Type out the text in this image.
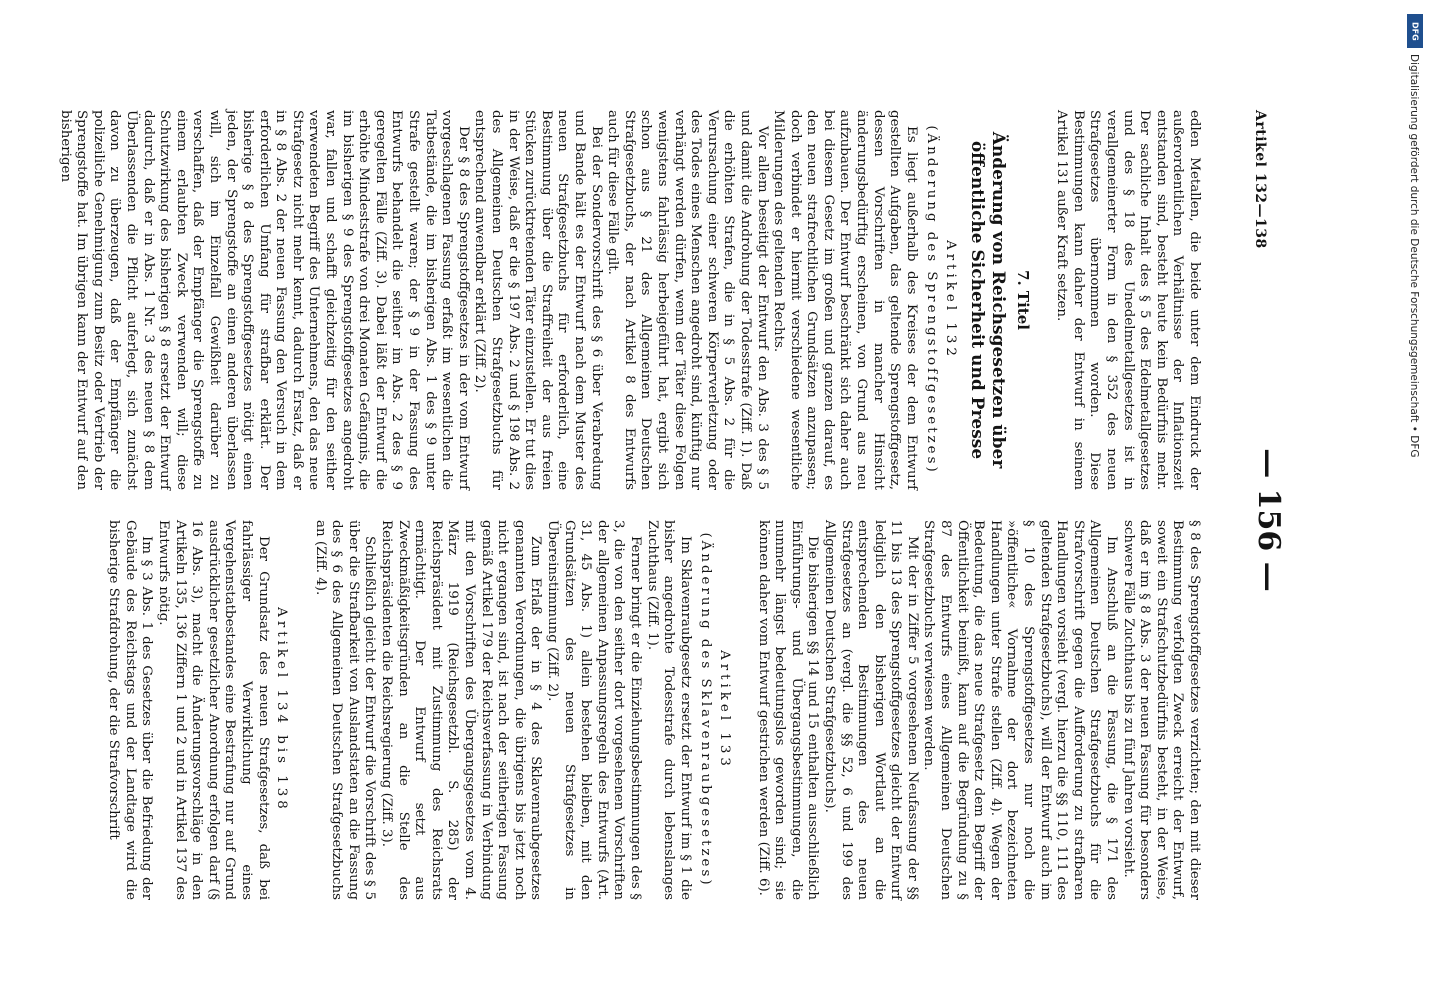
Artikel 132—138
— 156 —

edlen Metallen, die beide unter dem Eindruck der außerordentlichen Verhältnisse der Inflationszeit entstanden sind, besteht heute kein Bedürfnis mehr. Der sachliche Inhalt des § 5 des Edelmetallgesetzes und des § 18 des Unedelmetallgesetzes ist in verallgemeinerter Form in den § 352 des neuen Strafgesetzes übernommen worden. Diese Bestimmungen kann daher der Entwurf in seinem Artikel 131 außer Kraft setzen.

7. Titel
Änderung von Reichsgesetzen über öffentliche Sicherheit und Presse
Artikel 132
(Änderung des Sprengstoffgesetzes)

Es liegt außerhalb des Kreises der dem Entwurf gestellten Aufgaben, das geltende Sprengstoffgesetz, dessen Vorschriften in mancher Hinsicht änderungsbedürftig erscheinen, von Grund aus neu aufzubauen. Der Entwurf beschränkt sich daher auch bei diesem Gesetz im großen und ganzen darauf, es den neuen strafrechtlichen Grundsätzen anzupassen; doch verbindet er hiermit verschiedene wesentliche Milderungen des geltenden Rechts.

Vor allem beseitigt der Entwurf den Abs. 3 des § 5 und damit die Androhung der Todesstrafe (Ziff. 1). Daß die erhöhten Strafen, die in § 5 Abs. 2 für die Verursachung einer schweren Körperverletzung oder des Todes eines Menschen angedroht sind, künftig nur verhängt werden dürfen, wenn der Täter diese Folgen wenigstens fahrlässig herbeigeführt hat, ergibt sich schon aus § 21 des Allgemeinen Deutschen Strafgesetzbuchs, der nach Artikel 8 des Entwurfs auch für diese Fälle gilt.

Bei der Sondervorschrift des § 6 über Verabredung und Bande hält es der Entwurf nach dem Muster des neuen Strafgesetzbuchs für erforderlich, eine Bestimmung über die Straffreiheit der aus freien Stücken zurücktretenden Täter einzustellen. Er tut dies in der Weise, daß er die § 197 Abs. 2 und § 198 Abs. 2 des Allgemeinen Deutschen Strafgesetzbuchs für entsprechend anwendbar erklärt (Ziff. 2).

Der § 8 des Sprengstoffgesetzes in der vom Entwurf vorgeschlagenen Fassung erfaßt im wesentlichen die Tatbestände, die im bisherigen Abs. 1 des § 9 unter Strafe gestellt waren; der § 9 in der Fassung des Entwurfs behandelt die seither im Abs. 2 des § 9 geregelten Fälle (Ziff. 3). Dabei läßt der Entwurf die erhöhte Mindeststrafe von drei Monaten Gefängnis, die im bisherigen § 9 des Sprengstoffgesetzes angedroht war, fallen und schafft gleichzeitig für den seither verwendeten Begriff des Unternehmens, den das neue Strafgesetz nicht mehr kennt, dadurch Ersatz, daß er in § 8 Abs. 2 der neuen Fassung den Versuch in dem erforderlichen Umfang für strafbar erklärt. Der bisherige § 8 des Sprengstoffgesetzes nötigt einen jeden, der Sprengstoffe an einen anderen überlassen will, sich im Einzelfall Gewißheit darüber zu verschaffen, daß der Empfänger die Sprengstoffe zu einem erlaubten Zweck verwenden will; diese Schutzwirkung des bisherigen § 8 ersetzt der Entwurf dadurch, daß er in Abs. 1 Nr. 3 des neuen § 8 dem Überlassenden die Pflicht auferlegt, sich zunächst davon zu überzeugen, daß der Empfänger die polizeiliche Genehmigung zum Besitz oder Vertrieb der Sprengstoffe hat. Im übrigen kann der Entwurf auf den bisherigen

§ 8 des Sprengstoffgesetzes verzichten; den mit dieser Bestimmung verfolgten Zweck erreicht der Entwurf, soweit ein Strafschutzbedürfnis besteht, in der Weise, daß er im § 8 Abs. 3 der neuen Fassung für besonders schwere Fälle Zuchthaus bis zu fünf Jahren vorsieht.

Im Anschluß an die Fassung, die § 171 des Allgemeinen Deutschen Strafgesetzbuchs für die Strafvorschrift gegen die Aufforderung zu strafbaren Handlungen vorsieht (vergl. hierzu die §§ 110, 111 des geltenden Strafgesetzbuchs), will der Entwurf auch im § 10 des Sprengstoffgesetzes nur noch die »öffentliche« Vornahme der dort bezeichneten Handlungen unter Strafe stellen (Ziff. 4). Wegen der Bedeutung, die das neue Strafgesetz dem Begriff der Öffentlichkeit beimißt, kann auf die Begründung zu § 87 des Entwurfs eines Allgemeinen Deutschen Strafgesetzbuchs verwiesen werden.

Mit der in Ziffer 5 vorgesehenen Neufassung der §§ 11 bis 13 des Sprengstoffgesetzes gleicht der Entwurf lediglich den bisherigen Wortlaut an die entsprechenden Bestimmungen des neuen Strafgesetzes an (vergl. die §§ 52, 6 und 199 des Allgemeinen Deutschen Strafgesetzbuchs).

Die bisherigen §§ 14 und 15 enthalten ausschließlich Einführungs- und Übergangsbestimmungen, die nunmehr längst bedeutungslos geworden sind; sie können daher vom Entwurf gestrichen werden (Ziff. 6).

Artikel 133
(Änderung des Sklavenraubgesetzes)

Im Sklavenraubgesetz ersetzt der Entwurf im § 1 die bisher angedrohte Todesstrafe durch lebenslanges Zuchthaus (Ziff. 1).

Ferner bringt er die Einziehungsbestimmungen des § 3, die von den seither dort vorgesehenen Vorschriften der allgemeinen Anpassungsregeln des Entwurfs (Art. 31, 45 Abs. 1) allein bestehen bleiben, mit den Grundsätzen des neuen Strafgesetzes in Übereinstimmung (Ziff. 2).

Zum Erlaß der in § 4 des Sklavenraubgesetzes genannten Verordnungen, die übrigens bis jetzt noch nicht ergangen sind, ist nach der seitherigen Fassung gemäß Artikel 179 der Reichsverfassung in Verbindung mit den Vorschriften des Übergangsgesetzes vom 4. März 1919 (Reichsgesetzbl. S. 285) der Reichspräsident mit Zustimmung des Reichsrats ermächtigt. Der Entwurf setzt aus Zweckmäßigkeitsgründen an die Stelle des Reichspräsidenten die Reichsregierung (Ziff. 3).

Schließlich gleicht der Entwurf die Vorschrift des § 5 über die Strafbarkeit von Auslandstaten an die Fassung des § 6 des Allgemeinen Deutschen Strafgesetzbuchs an (Ziff. 4).

Artikel 134 bis 138

Der Grundsatz des neuen Strafgesetzes, daß bei fahrlässiger Verwirklichung eines Vergehenstatbestandes eine Bestrafung nur auf Grund ausdrücklicher gesetzlicher Anordnung erfolgen darf (§ 16 Abs. 3), macht die Änderungsvorschläge in den Artikeln 135, 136 Ziffern 1 und 2 und in Artikel 137 des Entwurfs nötig.

Im § 3 Abs. 1 des Gesetzes über die Befriedung der Gebäude des Reichstags und der Landtage wird die bisherige Strafdrohung, der die Strafvorschrift

DFG
Digitalisierung gefördert durch die Deutsche Forschungsgemeinschaft • DFG
